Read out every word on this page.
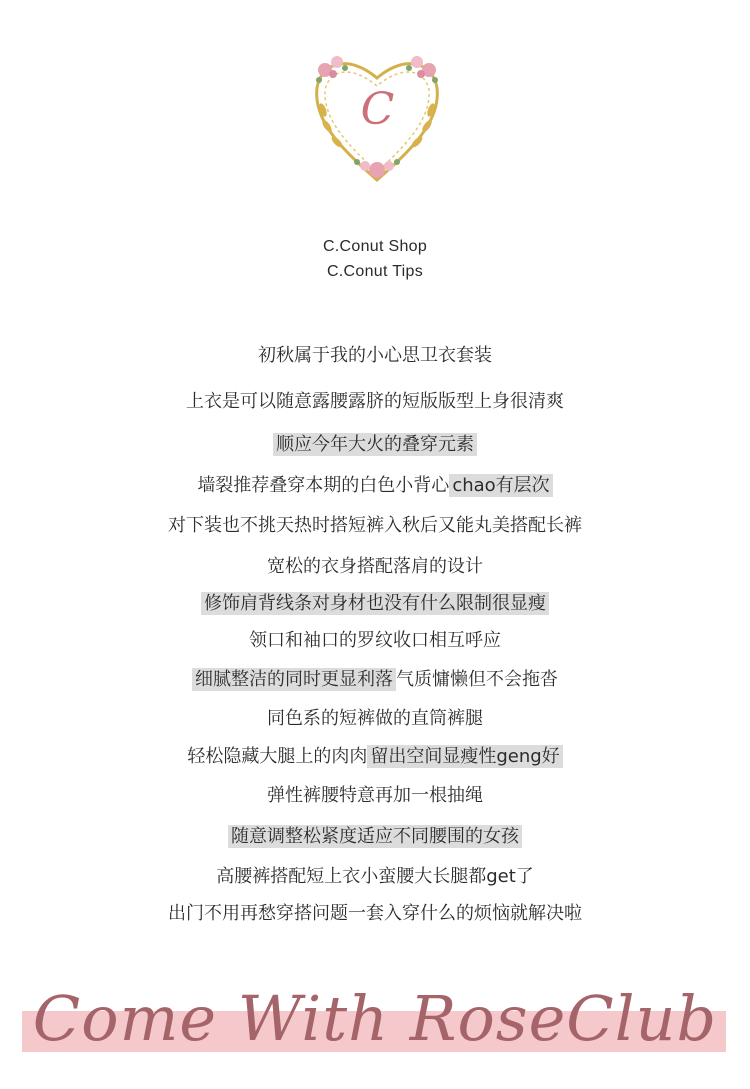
C
C.Conut Shop
C.Conut Tips
初秋属于我的小心思卫衣套装
上衣是可以随意露腰露脐的短版版型上身很清爽
顺应今年大火的叠穿元素
墙裂推荐叠穿本期的白色小背心 chao有层次
对下装也不挑天热时搭短裤入秋后又能丸美搭配长裤
宽松的衣身搭配落肩的设计
修饰肩背线条对身材也没有什么限制很显瘦
领口和袖口的罗纹收口相互呼应
细腻整洁的同时更显利落 气质慵懒但不会拖沓
同色系的短裤做的直筒裤腿
轻松隐藏大腿上的肉肉 留出空间显瘦性geng好
弹性裤腰特意再加一根抽绳
随意调整松紧度适应不同腰围的女孩
高腰裤搭配短上衣小蛮腰大长腿都get了
出门不用再愁穿搭问题一套入穿什么的烦恼就解决啦
Come With RoseClub
